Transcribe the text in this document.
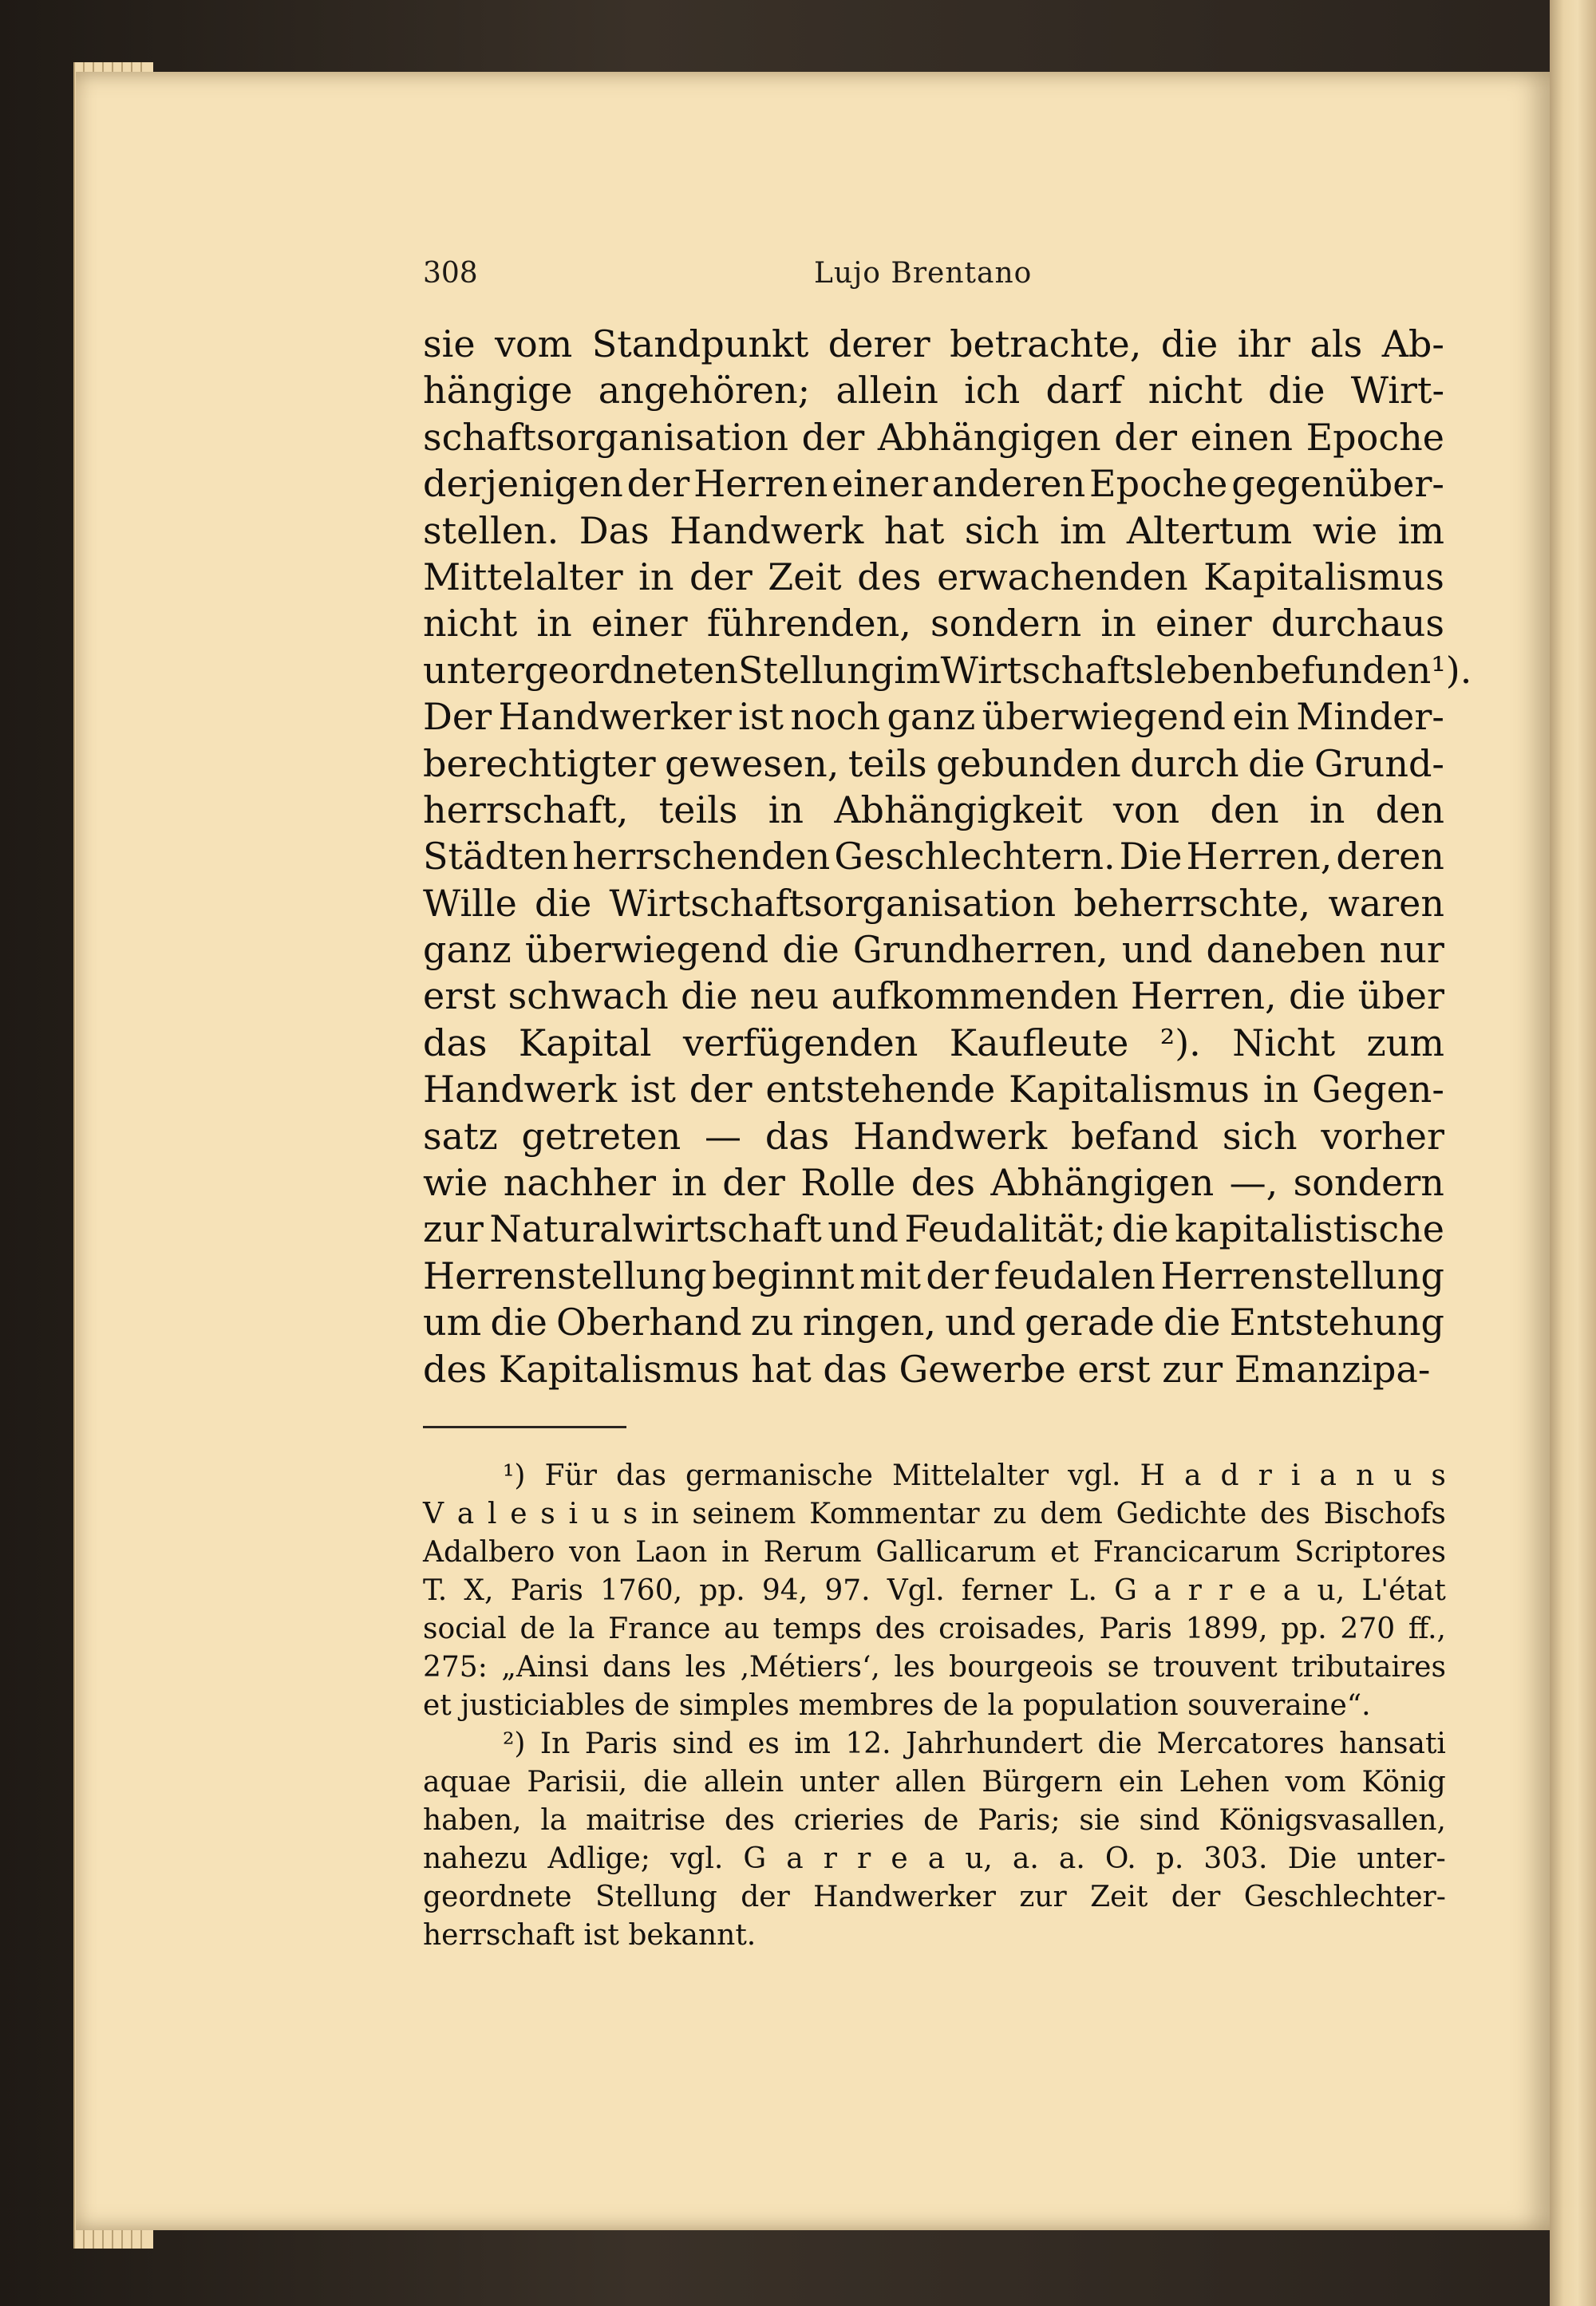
308	Lujo Brentano
sie vom Standpunkt derer betrachte, die ihr als Ab-
hängige angehören; allein ich darf nicht die Wirt-
schaftsorganisation der Abhängigen der einen Epoche
derjenigen der Herren einer anderen Epoche gegenüber-
stellen. Das Handwerk hat sich im Altertum wie im
Mittelalter in der Zeit des erwachenden Kapitalismus
nicht in einer führenden, sondern in einer durchaus
untergeordneten Stellung im Wirtschaftsleben befunden ¹).
Der Handwerker ist noch ganz überwiegend ein Minder-
berechtigter gewesen, teils gebunden durch die Grund-
herrschaft, teils in Abhängigkeit von den in den
Städten herrschenden Geschlechtern. Die Herren, deren
Wille die Wirtschaftsorganisation beherrschte, waren
ganz überwiegend die Grundherren, und daneben nur
erst schwach die neu aufkommenden Herren, die über
das Kapital verfügenden Kaufleute ²). Nicht zum
Handwerk ist der entstehende Kapitalismus in Gegen-
satz getreten — das Handwerk befand sich vorher
wie nachher in der Rolle des Abhängigen —, sondern
zur Naturalwirtschaft und Feudalität; die kapitalistische
Herrenstellung beginnt mit der feudalen Herrenstellung
um die Oberhand zu ringen, und gerade die Entstehung
des Kapitalismus hat das Gewerbe erst zur Emanzipa-
¹) Für das germanische Mittelalter vgl. H a d r i a n u s
V a l e s i u s in seinem Kommentar zu dem Gedichte des Bischofs
Adalbero von Laon in Rerum Gallicarum et Francicarum Scriptores
T. X, Paris 1760, pp. 94, 97. Vgl. ferner L. G a r r e a u, L'état
social de la France au temps des croisades, Paris 1899, pp. 270 ff.,
275: „Ainsi dans les ‚Métiers‘, les bourgeois se trouvent tributaires
et justiciables de simples membres de la population souveraine“.
²) In Paris sind es im 12. Jahrhundert die Mercatores hansati
aquae Parisii, die allein unter allen Bürgern ein Lehen vom König
haben, la maitrise des crieries de Paris; sie sind Königsvasallen,
nahezu Adlige; vgl. G a r r e a u, a. a. O. p. 303. Die unter-
geordnete Stellung der Handwerker zur Zeit der Geschlechter-
herrschaft ist bekannt.
